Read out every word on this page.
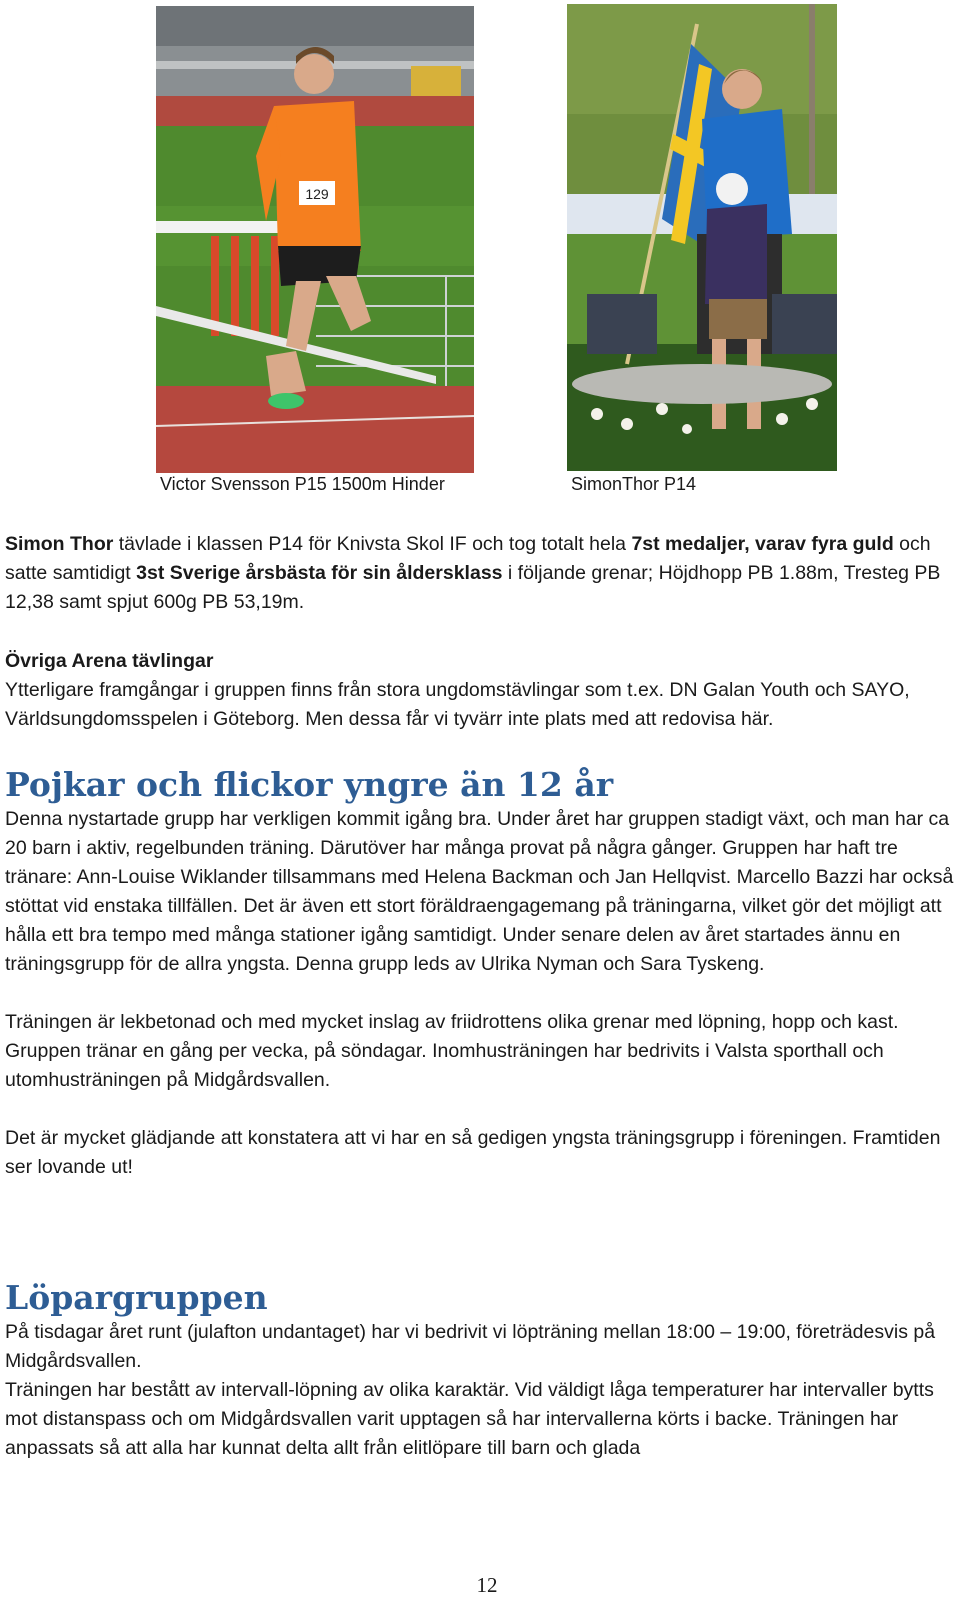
129
Victor Svensson P15 1500m Hinder	SimonThor P14

Simon Thor tävlade i klassen P14 för Knivsta Skol IF och tog totalt hela 7st medaljer, varav fyra guld och satte samtidigt 3st Sverige årsbästa för sin åldersklass i följande grenar; Höjdhopp PB 1.88m, Tresteg PB 12,38 samt spjut 600g PB 53,19m.

Övriga Arena tävlingar

Ytterligare framgångar i gruppen finns från stora ungdomstävlingar som t.ex. DN Galan Youth och SAYO, Världsungdomsspelen i Göteborg. Men dessa får vi tyvärr inte plats med att redovisa här.

Pojkar och flickor yngre än 12 år

Denna nystartade grupp har verkligen kommit igång bra. Under året har gruppen stadigt växt, och man har ca 20 barn i aktiv, regelbunden träning. Därutöver har många provat på några gånger. Gruppen har haft tre tränare: Ann-Louise Wiklander tillsammans med Helena Backman och Jan Hellqvist. Marcello Bazzi har också stöttat vid enstaka tillfällen. Det är även ett stort föräldraengagemang på träningarna, vilket gör det möjligt att hålla ett bra tempo med många stationer igång samtidigt. Under senare delen av året startades ännu en träningsgrupp för de allra yngsta. Denna grupp leds av Ulrika Nyman och Sara Tyskeng.

Träningen är lekbetonad och med mycket inslag av friidrottens olika grenar med löpning, hopp och kast. Gruppen tränar en gång per vecka, på söndagar. Inomhusträningen har bedrivits i Valsta sporthall och utomhusträningen på Midgårdsvallen.

Det är mycket glädjande att konstatera att vi har en så gedigen yngsta träningsgrupp i föreningen. Framtiden ser lovande ut!

Löpargruppen

På tisdagar året runt (julafton undantaget) har vi bedrivit vi löpträning mellan 18:00 – 19:00, företrädesvis på Midgårdsvallen.

Träningen har bestått av intervall-löpning av olika karaktär. Vid väldigt låga temperaturer har intervaller bytts mot distanspass och om Midgårdsvallen varit upptagen så har intervallerna körts i backe. Träningen har anpassats så att alla har kunnat delta allt från elitlöpare till barn och glada

12
